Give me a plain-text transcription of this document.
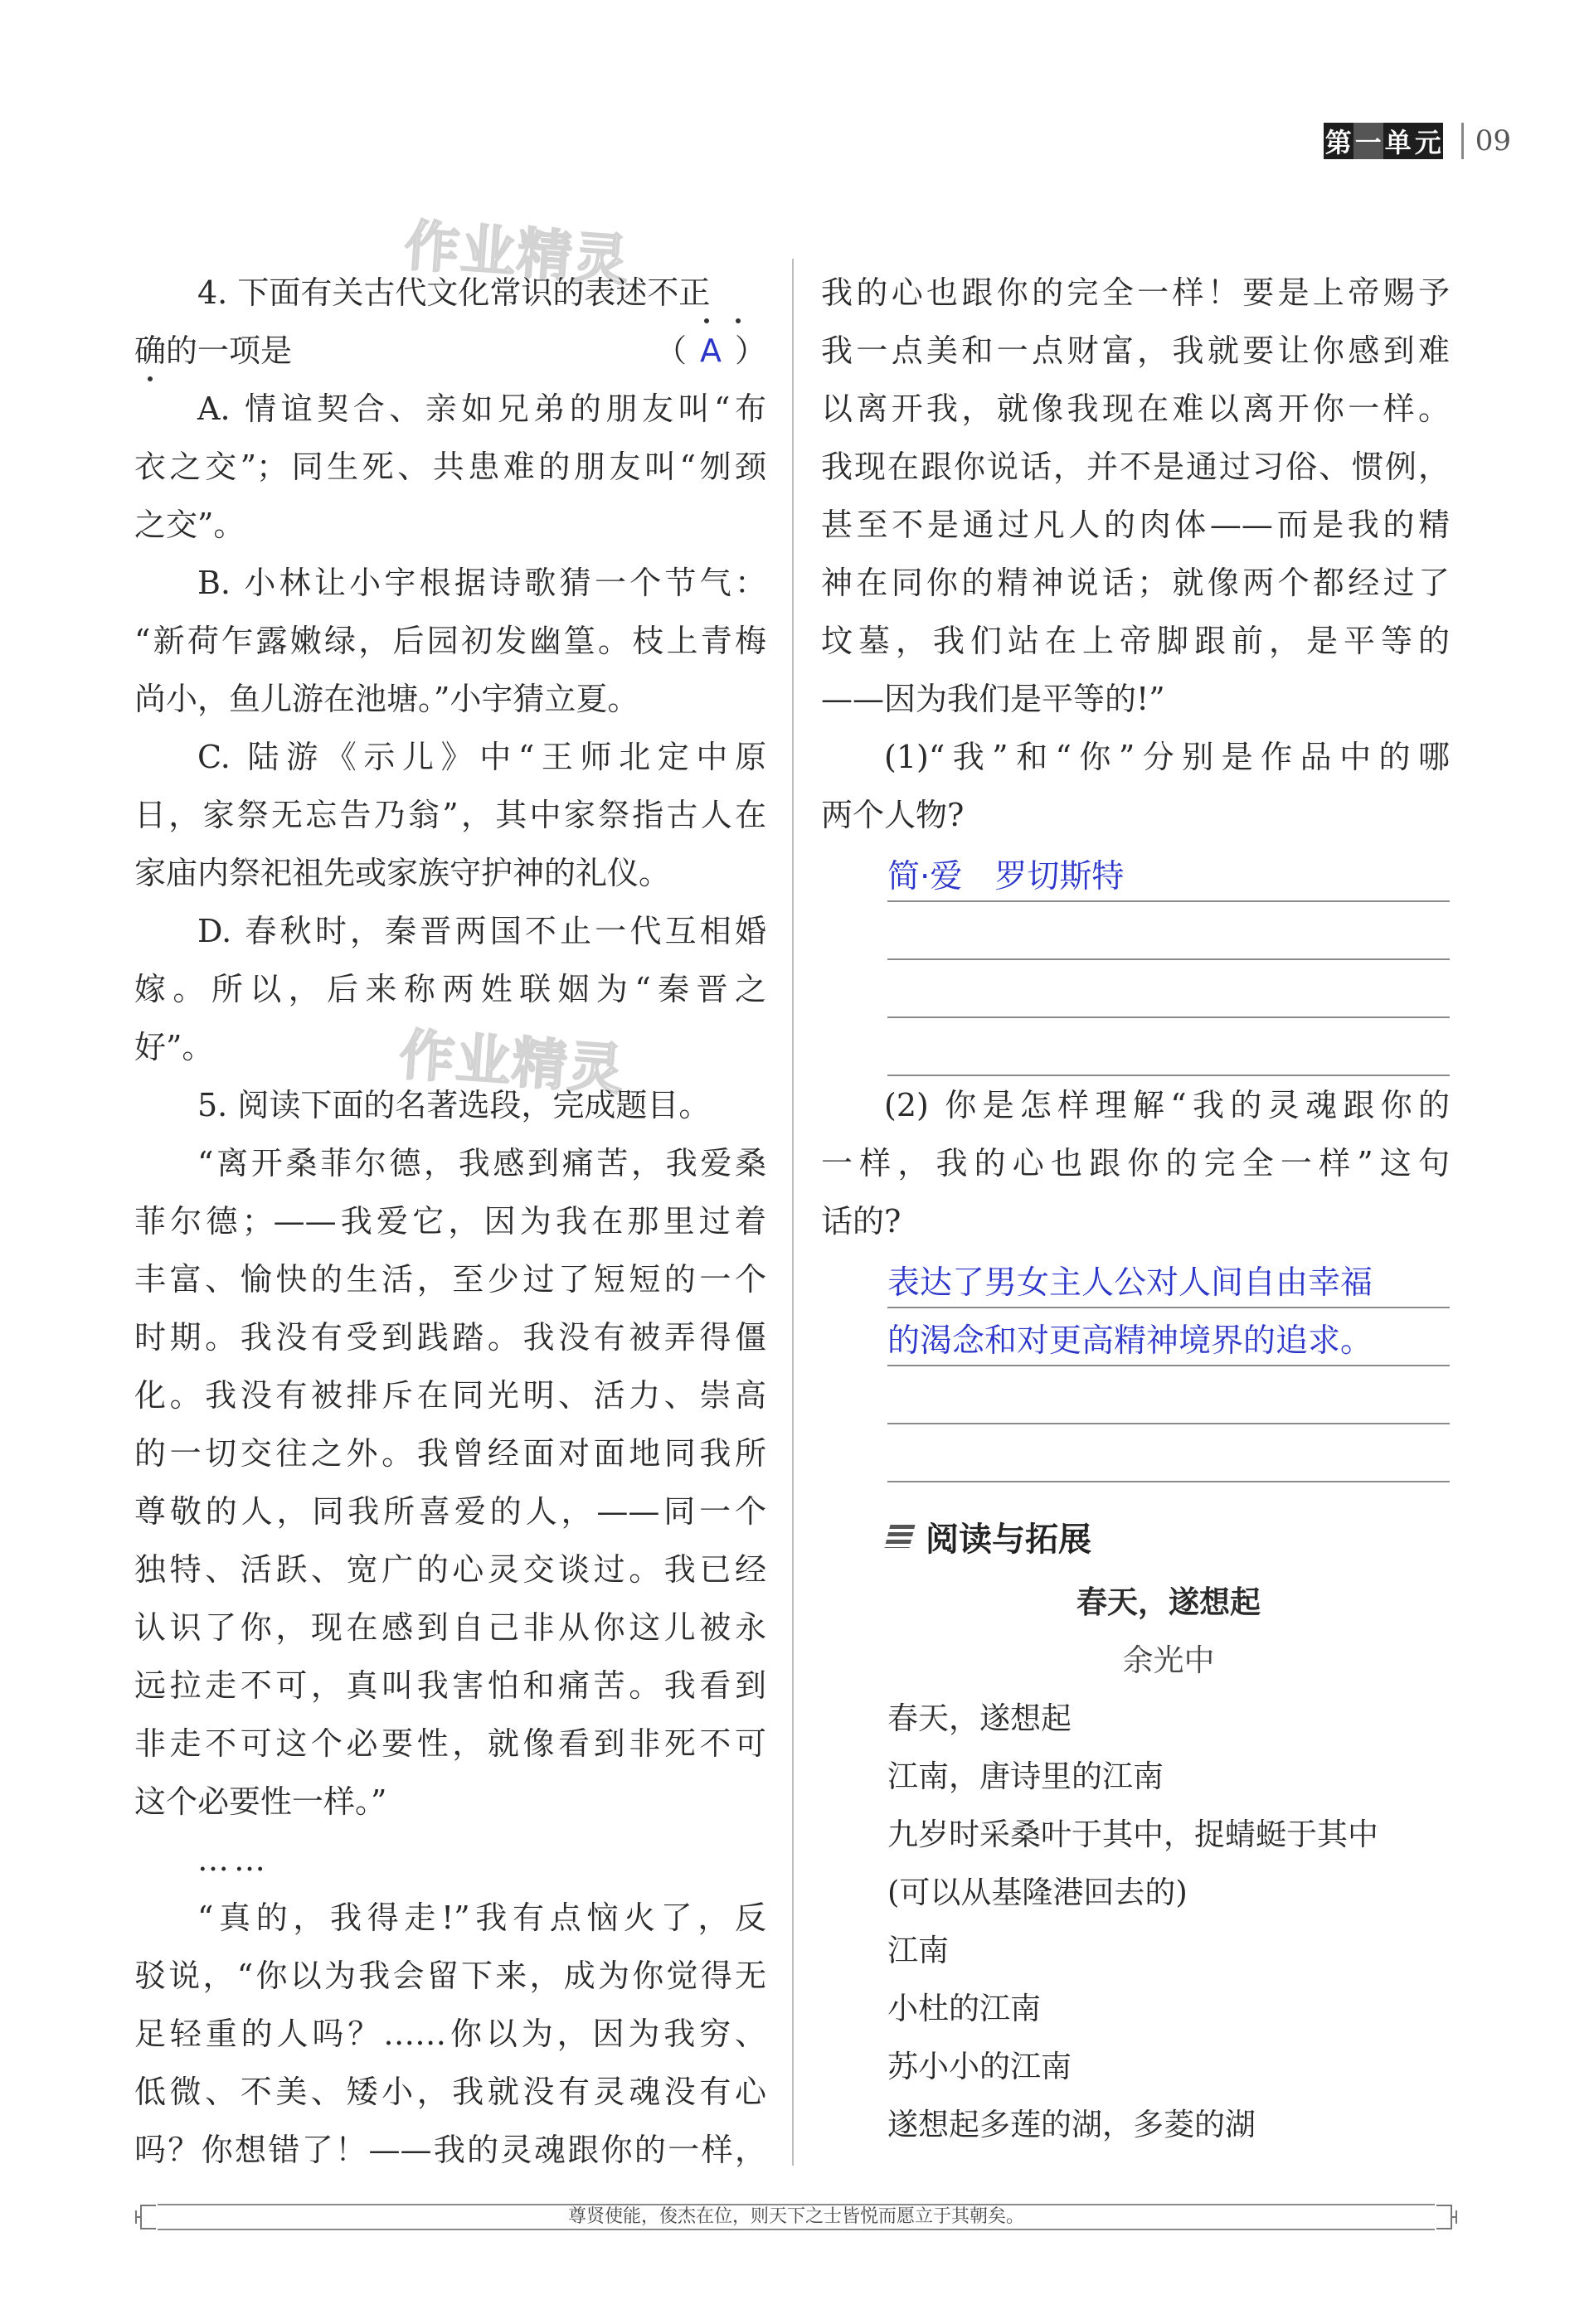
第 一 单 元 09
作业精灵
作业精灵
4. 下面有关古代文化常识的表述不正
确的一项是	（ A ）
A. 情谊契合、亲如兄弟的朋友叫“布
衣之交”；同生死、共患难的朋友叫“刎颈
之交”。
B. 小林让小宇根据诗歌猜一个节气：
“新荷乍露嫩绿，后园初发幽篁。枝上青梅
尚小，鱼儿游在池塘。”小宇猜立夏。
C. 陆游《示儿》中“王师北定中原
日，家祭无忘告乃翁”，其中家祭指古人在
家庙内祭祀祖先或家族守护神的礼仪。
D. 春秋时，秦晋两国不止一代互相婚
嫁。所以，后来称两姓联姻为“秦晋之
好”。
5. 阅读下面的名著选段，完成题目。
“离开桑菲尔德，我感到痛苦，我爱桑
菲尔德；——我爱它，因为我在那里过着
丰富、愉快的生活，至少过了短短的一个
时期。我没有受到践踏。我没有被弄得僵
化。我没有被排斥在同光明、活力、崇高
的一切交往之外。我曾经面对面地同我所
尊敬的人，同我所喜爱的人，——同一个
独特、活跃、宽广的心灵交谈过。我已经
认识了你，现在感到自己非从你这儿被永
远拉走不可，真叫我害怕和痛苦。我看到
非走不可这个必要性，就像看到非死不可
这个必要性一样。”
……
“真的，我得走!”我有点恼火了，反
驳说，“你以为我会留下来，成为你觉得无
足轻重的人吗？……你以为，因为我穷、
低微、不美、矮小，我就没有灵魂没有心
吗？你想错了！——我的灵魂跟你的一样，
我的心也跟你的完全一样！要是上帝赐予
我一点美和一点财富，我就要让你感到难
以离开我，就像我现在难以离开你一样。
我现在跟你说话，并不是通过习俗、惯例，
甚至不是通过凡人的肉体——而是我的精
神在同你的精神说话；就像两个都经过了
坟墓，我们站在上帝脚跟前，是平等的
——因为我们是平等的!”
(1)“我”和“你”分别是作品中的哪
两个人物?
简·爱　罗切斯特
(2) 你是怎样理解“我的灵魂跟你的
一样，我的心也跟你的完全一样”这句
话的?
表达了男女主人公对人间自由幸福
的渴念和对更高精神境界的追求。
阅读与拓展
春天，遂想起
余光中
春天，遂想起
江南，唐诗里的江南
九岁时采桑叶于其中，捉蜻蜓于其中
(可以从基隆港回去的)
江南
小杜的江南
苏小小的江南
遂想起多莲的湖，多菱的湖
尊贤使能，俊杰在位，则天下之士皆悦而愿立于其朝矣。
